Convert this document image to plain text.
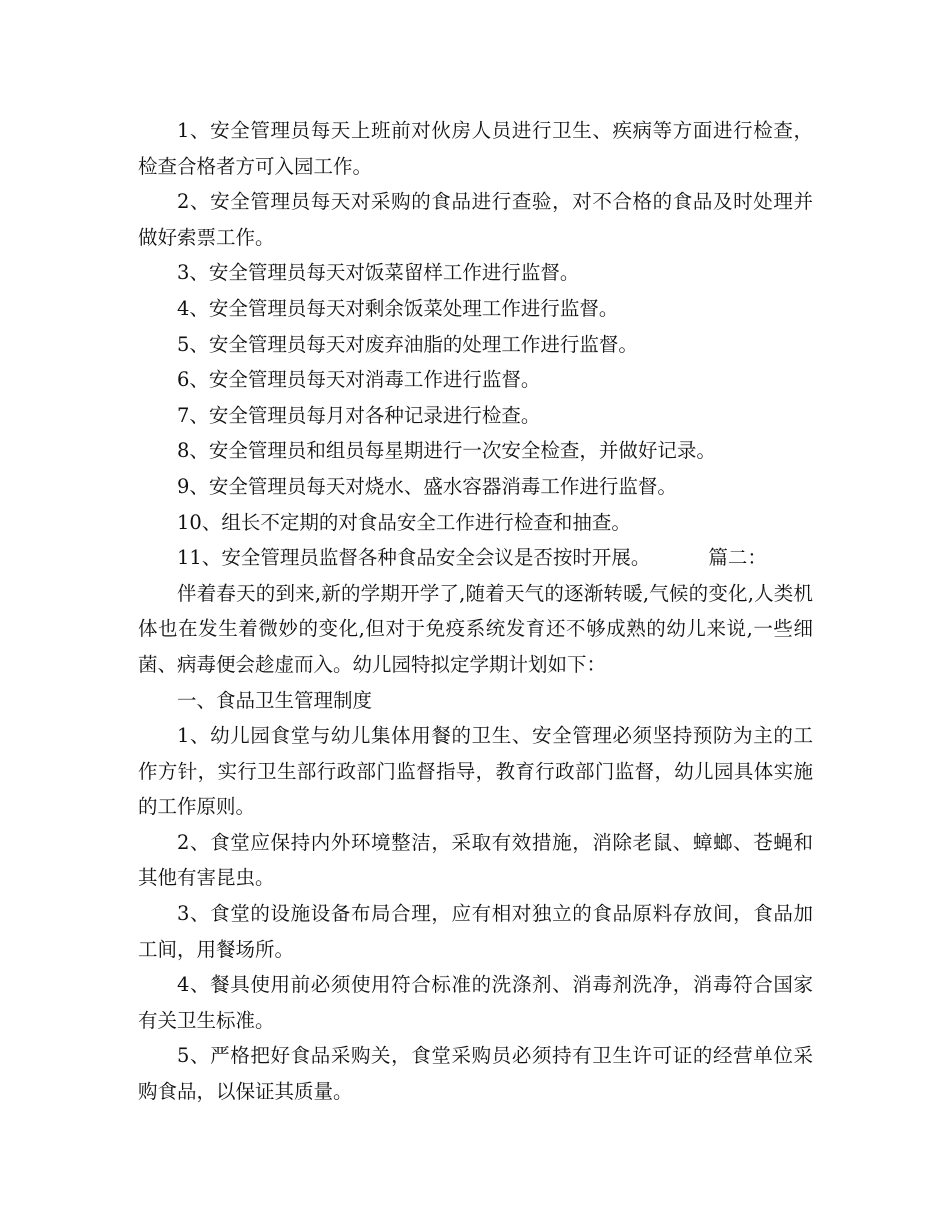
1、安全管理员每天上班前对伙房人员进行卫生、疾病等方面进行检查，检查合格者方可入园工作。

2、安全管理员每天对采购的食品进行查验，对不合格的食品及时处理并做好索票工作。

3、安全管理员每天对饭菜留样工作进行监督。

4、安全管理员每天对剩余饭菜处理工作进行监督。

5、安全管理员每天对废弃油脂的处理工作进行监督。

6、安全管理员每天对消毒工作进行监督。

7、安全管理员每月对各种记录进行检查。

8、安全管理员和组员每星期进行一次安全检查，并做好记录。

9、安全管理员每天对烧水、盛水容器消毒工作进行监督。

10、组长不定期的对食品安全工作进行检查和抽查。

11、安全管理员监督各种食品安全会议是否按时开展。	篇二：

伴着春天的到来,新的学期开学了,随着天气的逐渐转暖,气候的变化,人类机体也在发生着微妙的变化,但对于免疫系统发育还不够成熟的幼儿来说,一些细菌、病毒便会趁虚而入。幼儿园特拟定学期计划如下：

一、食品卫生管理制度

1、幼儿园食堂与幼儿集体用餐的卫生、安全管理必须坚持预防为主的工作方针，实行卫生部行政部门监督指导，教育行政部门监督，幼儿园具体实施的工作原则。

2、食堂应保持内外环境整洁，采取有效措施，消除老鼠、蟑螂、苍蝇和其他有害昆虫。

3、食堂的设施设备布局合理，应有相对独立的食品原料存放间，食品加工间，用餐场所。

4、餐具使用前必须使用符合标准的洗涤剂、消毒剂洗净，消毒符合国家有关卫生标准。

5、严格把好食品采购关，食堂采购员必须持有卫生许可证的经营单位采购食品，以保证其质量。
